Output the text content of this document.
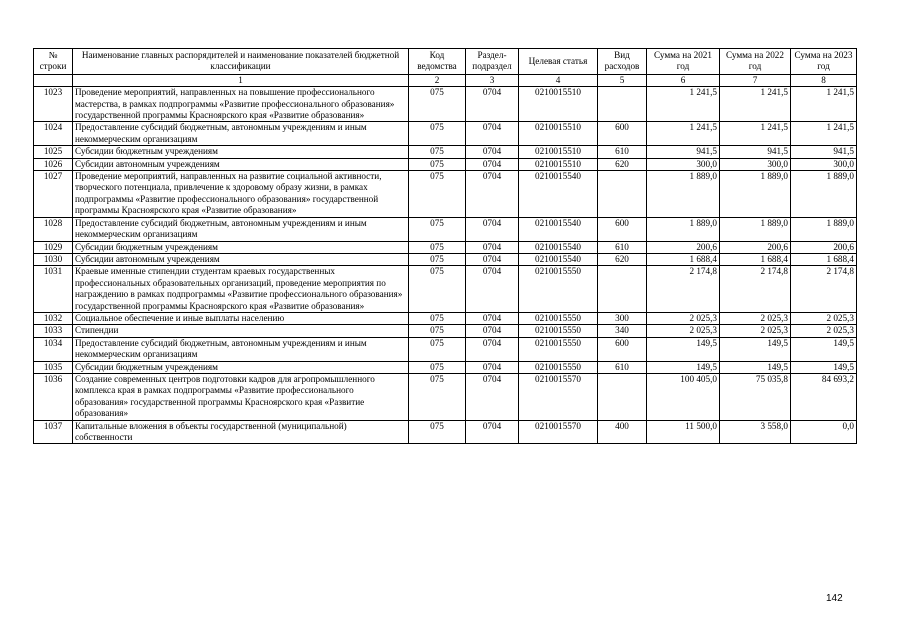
№ строки	Наименование главных распорядителей и наименование показателей бюджетной классификации	Код ведомства	Раздел-подраздел	Целевая статья	Вид расходов	Сумма на 2021 год	Сумма на 2022 год	Сумма на 2023 год
	1	2	3	4	5	6	7	8
1023	Проведение мероприятий, направленных на повышение профессионального мастерства, в рамках подпрограммы «Развитие профессионального образования» государственной программы Красноярского края «Развитие образования»	075	0704	0210015510		1 241,5	1 241,5	1 241,5
1024	Предоставление субсидий бюджетным, автономным учреждениям и иным некоммерческим организациям	075	0704	0210015510	600	1 241,5	1 241,5	1 241,5
1025	Субсидии бюджетным учреждениям	075	0704	0210015510	610	941,5	941,5	941,5
1026	Субсидии автономным учреждениям	075	0704	0210015510	620	300,0	300,0	300,0
1027	Проведение мероприятий, направленных на развитие социальной активности, творческого потенциала, привлечение к здоровому образу жизни, в рамках подпрограммы «Развитие профессионального образования» государственной программы Красноярского края «Развитие образования»	075	0704	0210015540		1 889,0	1 889,0	1 889,0
1028	Предоставление субсидий бюджетным, автономным учреждениям и иным некоммерческим организациям	075	0704	0210015540	600	1 889,0	1 889,0	1 889,0
1029	Субсидии бюджетным учреждениям	075	0704	0210015540	610	200,6	200,6	200,6
1030	Субсидии автономным учреждениям	075	0704	0210015540	620	1 688,4	1 688,4	1 688,4
1031	Краевые именные стипендии студентам краевых государственных профессиональных образовательных организаций, проведение мероприятия по награждению в рамках подпрограммы «Развитие профессионального образования» государственной программы Красноярского края «Развитие образования»	075	0704	0210015550		2 174,8	2 174,8	2 174,8
1032	Социальное обеспечение и иные выплаты населению	075	0704	0210015550	300	2 025,3	2 025,3	2 025,3
1033	Стипендии	075	0704	0210015550	340	2 025,3	2 025,3	2 025,3
1034	Предоставление субсидий бюджетным, автономным учреждениям и иным некоммерческим организациям	075	0704	0210015550	600	149,5	149,5	149,5
1035	Субсидии бюджетным учреждениям	075	0704	0210015550	610	149,5	149,5	149,5
1036	Создание современных центров подготовки кадров для агропромышленного комплекса края в рамках подпрограммы «Развитие профессионального образования» государственной программы Красноярского края «Развитие образования»	075	0704	0210015570		100 405,0	75 035,8	84 693,2
1037	Капитальные вложения в объекты государственной (муниципальной) собственности	075	0704	0210015570	400	11 500,0	3 558,0	0,0
142
